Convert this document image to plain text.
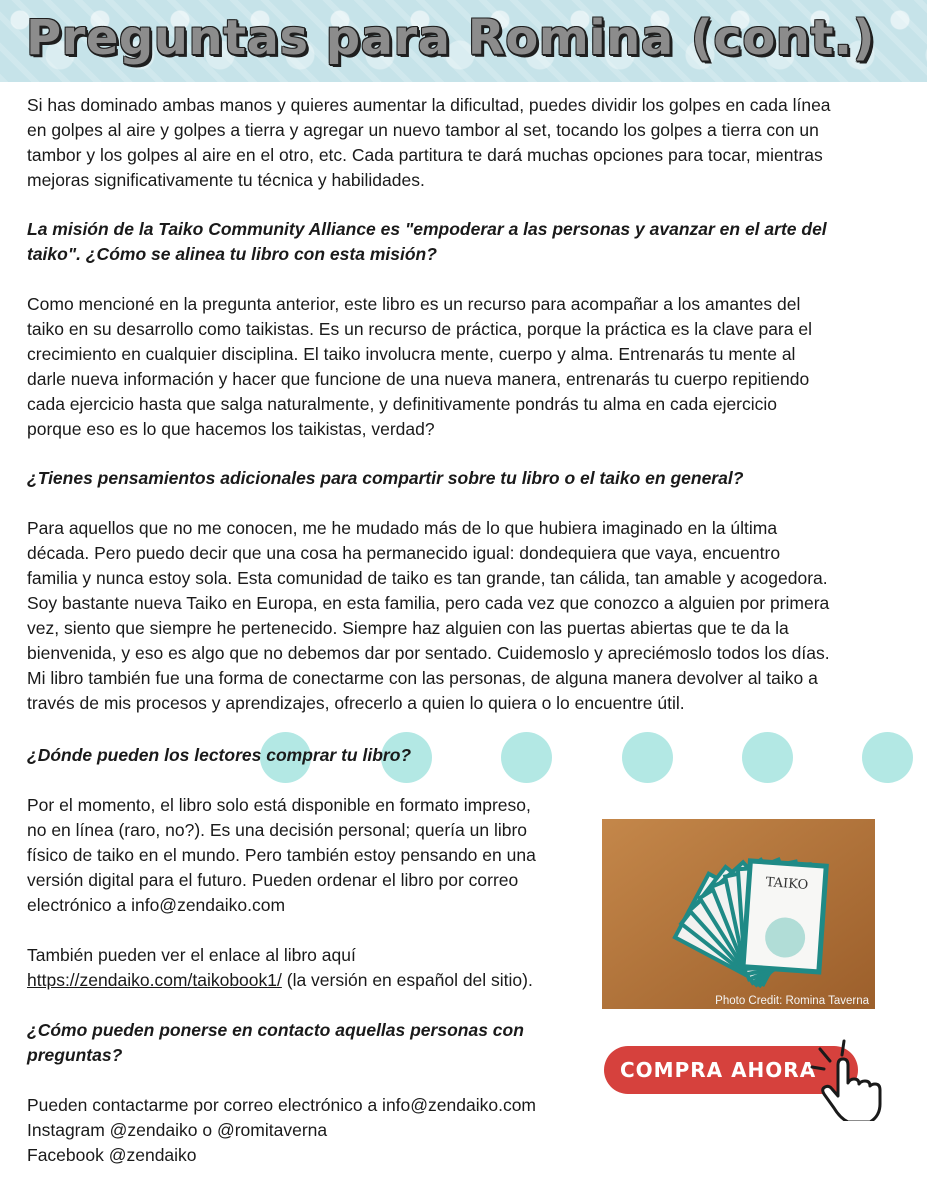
Preguntas para Romina (cont.)

Si has dominado ambas manos y quieres aumentar la dificultad, puedes dividir los golpes en cada línea

en golpes al aire y golpes a tierra y agregar un nuevo tambor al set, tocando los golpes a tierra con un

tambor y los golpes al aire en el otro, etc. Cada partitura te dará muchas opciones para tocar, mientras

mejoras significativamente tu técnica y habilidades.

La misión de la Taiko Community Alliance es "empoderar a las personas y avanzar en el arte del

taiko". ¿Cómo se alinea tu libro con esta misión?

Como mencioné en la pregunta anterior, este libro es un recurso para acompañar a los amantes del

taiko en su desarrollo como taikistas. Es un recurso de práctica, porque la práctica es la clave para el

crecimiento en cualquier disciplina. El taiko involucra mente, cuerpo y alma. Entrenarás tu mente al

darle nueva información y hacer que funcione de una nueva manera, entrenarás tu cuerpo repitiendo

cada ejercicio hasta que salga naturalmente, y definitivamente pondrás tu alma en cada ejercicio

porque eso es lo que hacemos los taikistas, verdad?

¿Tienes pensamientos adicionales para compartir sobre tu libro o el taiko en general?

Para aquellos que no me conocen, me he mudado más de lo que hubiera imaginado en la última

década. Pero puedo decir que una cosa ha permanecido igual: dondequiera que vaya, encuentro

familia y nunca estoy sola. Esta comunidad de taiko es tan grande, tan cálida, tan amable y acogedora.

Soy bastante nueva Taiko en Europa, en esta familia, pero cada vez que conozco a alguien por primera

vez, siento que siempre he pertenecido. Siempre haz alguien con las puertas abiertas que te da la

bienvenida, y eso es algo que no debemos dar por sentado. Cuidemoslo y apreciémoslo todos los días.

Mi libro también fue una forma de conectarme con las personas, de alguna manera devolver al taiko a

través de mis procesos y aprendizajes, ofrecerlo a quien lo quiera o lo encuentre útil.

¿Dónde pueden los lectores comprar tu libro?

Por el momento, el libro solo está disponible en formato impreso,

no en línea (raro, no?). Es una decisión personal; quería un libro

físico de taiko en el mundo. Pero también estoy pensando en una

versión digital para el futuro. Pueden ordenar el libro por correo

electrónico a info@zendaiko.com

También pueden ver el enlace al libro aquí

https://zendaiko.com/taikobook1/ (la versión en español del sitio).

¿Cómo pueden ponerse en contacto aquellas personas con

preguntas?

Pueden contactarme por correo electrónico a info@zendaiko.com

Instagram @zendaiko o @romitaverna

Facebook @zendaiko

TAIKO
Photo Credit: Romina Taverna
COMPRA AHORA
